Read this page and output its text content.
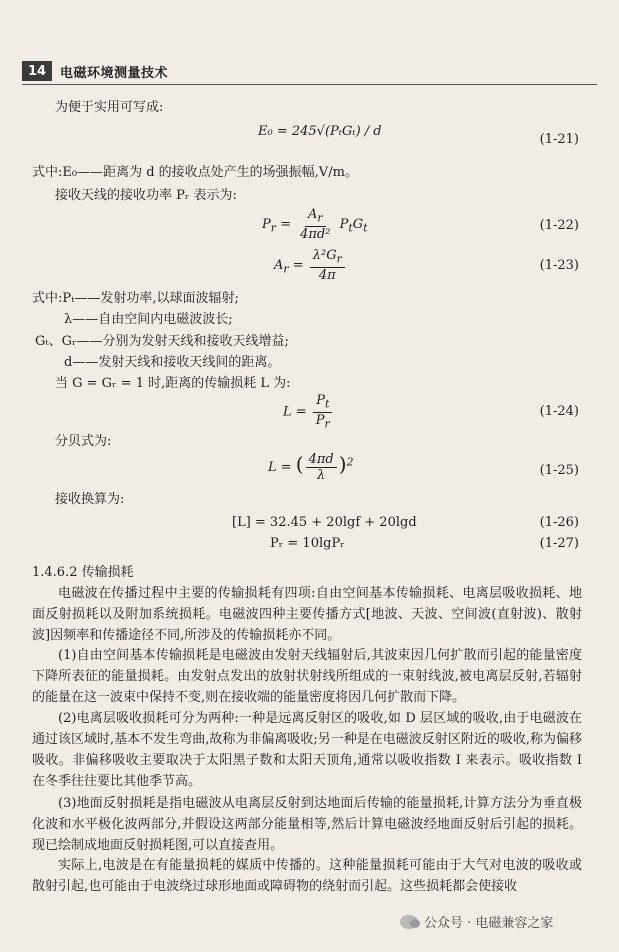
14	电磁环境测量技术
为便于实用可写成:
E₀ = 245√(PₜGₜ) / d
(1-21)
式中:E₀——距离为 d 的接收点处产生的场强振幅,V/m。
接收天线的接收功率 Pᵣ 表示为:
$P_r = \frac{A_r}{\text{4πd²}} P_tG_t$	(1-22)
$A_r = \frac{\lambda^2G_r}{4\pi}$	(1-23)
式中:Pₜ——发射功率,以球面波辐射;
λ——自由空间内电磁波波长;
Gₜ、Gᵣ——分别为发射天线和接收天线增益;
d——发射天线和接收天线间的距离。
当 G = Gᵣ = 1 时,距离的传输损耗 L 为:
$L = \frac{P_t}{P_r}$	(1-24)
分贝式为:
L = ( $\frac{4\pi d}{\lambda} )^2$
(1-25)
接收换算为:
[L] = 32.45 + 20lgf + 20lgd	(1-26)
Pᵣ = 10lgPᵣ	(1-27)
1.4.6.2 传输损耗
电磁波在传播过程中主要的传输损耗有四项:自由空间基本传输损耗、电离层吸收损耗、地面反射损耗以及附加系统损耗。电磁波四种主要传播方式[地波、天波、空间波(直射波)、散射波]因频率和传播途径不同,所涉及的传输损耗亦不同。
(1)自由空间基本传输损耗是电磁波由发射天线辐射后,其波束因几何扩散而引起的能量密度下降所表征的能量损耗。由发射点发出的放射状射线所组成的一束射线波,被电离层反射,若辐射的能量在这一波束中保持不变,则在接收端的能量密度将因几何扩散而下降。
(2)电离层吸收损耗可分为两种:一种是远离反射区的吸收,如 D 层区域的吸收,由于电磁波在通过该区域时,基本不发生弯曲,故称为非偏离吸收;另一种是在电磁波反射区附近的吸收,称为偏移吸收。非偏移吸收主要取决于太阳黑子数和太阳天顶角,通常以吸收指数 I 来表示。吸收指数 I 在冬季往往要比其他季节高。
(3)地面反射损耗是指电磁波从电离层反射到达地面后传输的能量损耗,计算方法分为垂直极化波和水平极化波两部分,并假设这两部分能量相等,然后计算电磁波经地面反射后引起的损耗。现已绘制成地面反射损耗图,可以直接查用。
实际上,电波是在有能量损耗的媒质中传播的。这种能量损耗可能由于大气对电波的吸收或散射引起,也可能由于电波绕过球形地面或障碍物的绕射而引起。这些损耗都会使接收
公众号 · 电磁兼容之家
